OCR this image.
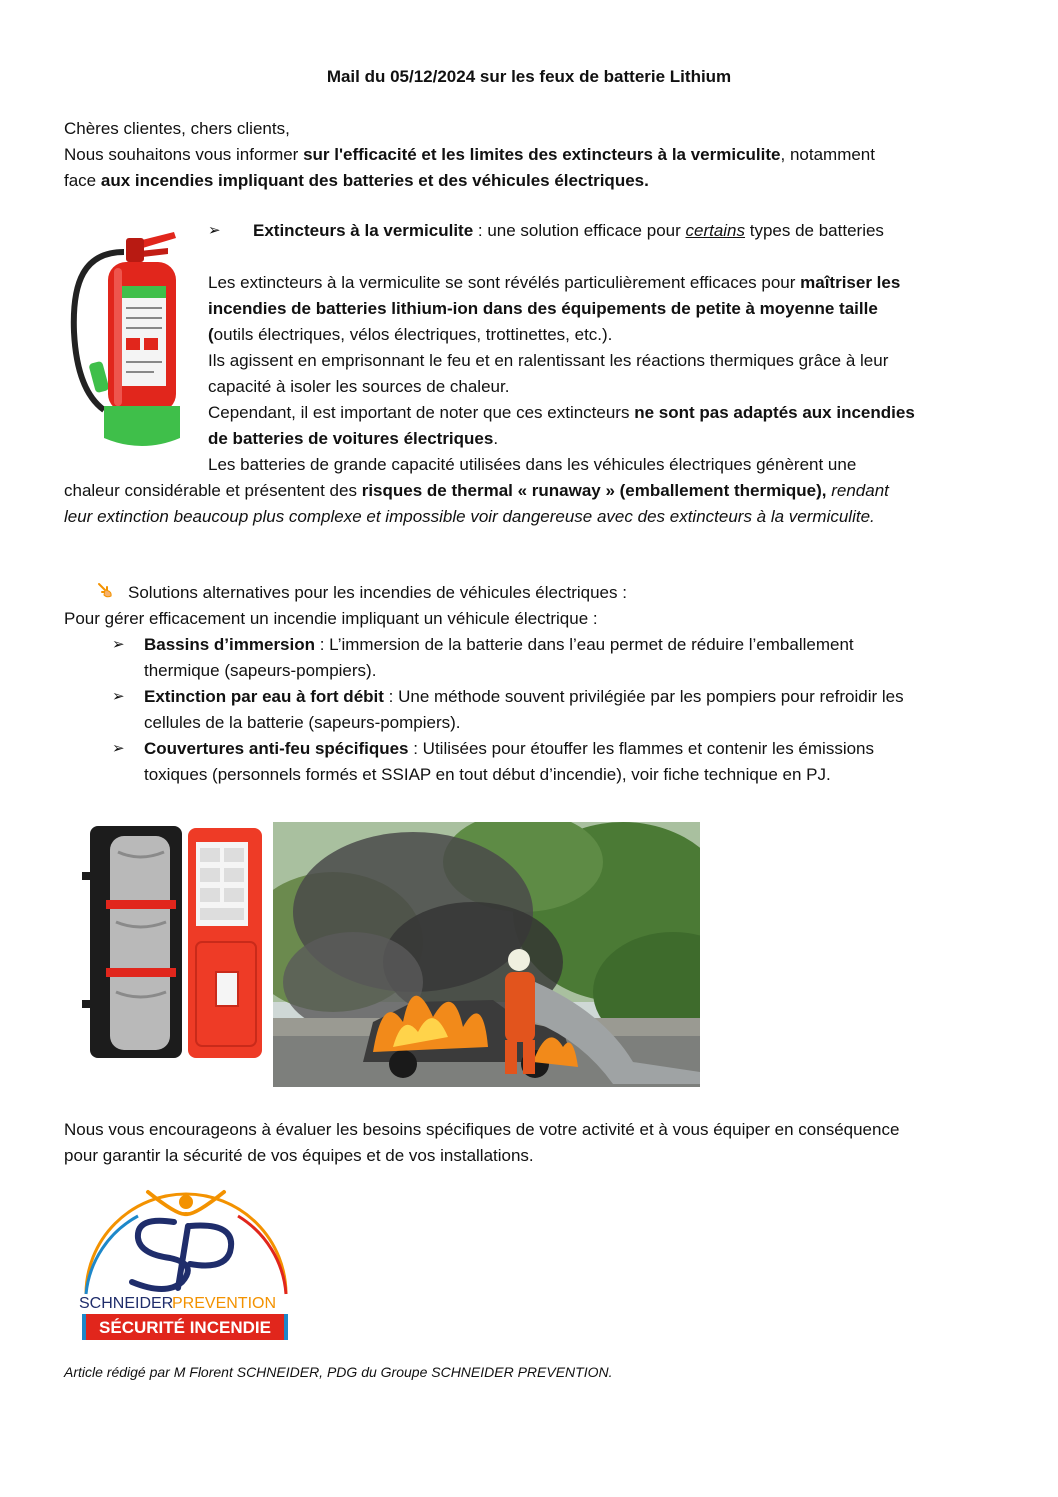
Mail du 05/12/2024 sur les feux de batterie Lithium
Chères clientes, chers clients,
Nous souhaitons vous informer sur l'efficacité et les limites des extincteurs à la vermiculite, notamment
face aux incendies impliquant des batteries et des véhicules électriques.
➢ Extincteurs à la vermiculite : une solution efficace pour certains types de batteries
Les extincteurs à la vermiculite se sont révélés particulièrement efficaces pour maîtriser les
incendies de batteries lithium-ion dans des équipements de petite à moyenne taille
(outils électriques, vélos électriques, trottinettes, etc.).
Ils agissent en emprisonnant le feu et en ralentissant les réactions thermiques grâce à leur
capacité à isoler les sources de chaleur.
Cependant, il est important de noter que ces extincteurs ne sont pas adaptés aux incendies
de batteries de voitures électriques.
Les batteries de grande capacité utilisées dans les véhicules électriques génèrent une
chaleur considérable et présentent des risques de thermal « runaway » (emballement thermique), rendant
leur extinction beaucoup plus complexe et impossible voir dangereuse avec des extincteurs à la vermiculite.
Solutions alternatives pour les incendies de véhicules électriques :
Pour gérer efficacement un incendie impliquant un véhicule électrique :
➢ Bassins d’immersion : L’immersion de la batterie dans l’eau permet de réduire l’emballement
thermique (sapeurs-pompiers).
➢ Extinction par eau à fort débit : Une méthode souvent privilégiée par les pompiers pour refroidir les
cellules de la batterie (sapeurs-pompiers).
➢ Couvertures anti-feu spécifiques : Utilisées pour étouffer les flammes et contenir les émissions
toxiques (personnels formés et SSIAP en tout début d’incendie), voir fiche technique en PJ.
Nous vous encourageons à évaluer les besoins spécifiques de votre activité et à vous équiper en conséquence
pour garantir la sécurité de vos équipes et de vos installations.
SCHNEIDER
PREVENTION
SÉCURITÉ INCENDIE
Article rédigé par M Florent SCHNEIDER, PDG du Groupe SCHNEIDER PREVENTION.
